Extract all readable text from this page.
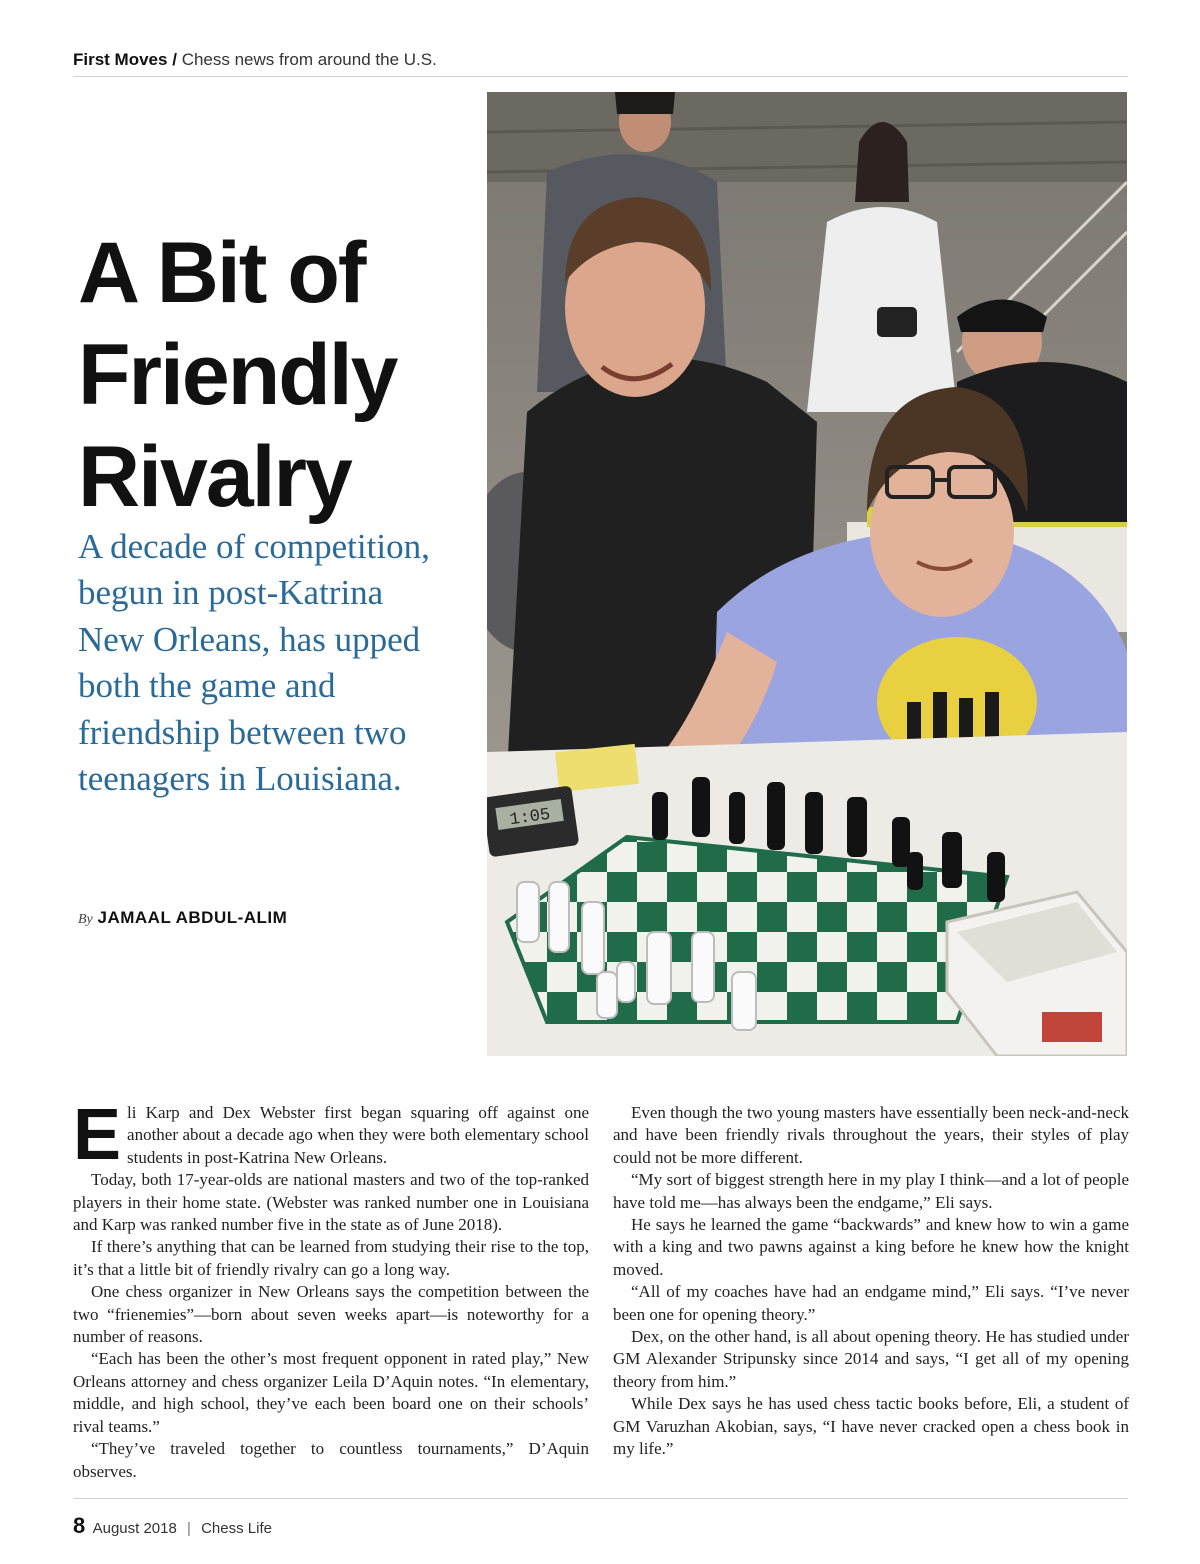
First Moves / Chess news from around the U.S.
A Bit of
Friendly
Rivalry

A decade of competition, begun in post-Katrina New Orleans, has upped both the game and friendship between two teenagers in Louisiana.

By JAMAAL ABDUL-ALIM
1:05

Eli Karp and Dex Webster first began squaring off against one another about a decade ago when they were both elementary school students in post-Katrina New Orleans.

Today, both 17-year-olds are national masters and two of the top-ranked players in their home state. (Webster was ranked number one in Louisiana and Karp was ranked number five in the state as of June 2018).

If there’s anything that can be learned from studying their rise to the top, it’s that a little bit of friendly rivalry can go a long way.

One chess organizer in New Orleans says the competition between the two “frienemies”—born about seven weeks apart—is noteworthy for a number of reasons.

“Each has been the other’s most frequent opponent in rated play,” New Orleans attorney and chess organizer Leila D’Aquin notes. “In elementary, middle, and high school, they’ve each been board one on their schools’ rival teams.”

“They’ve traveled together to countless tournaments,” D’Aquin observes.

Even though the two young masters have essentially been neck-and-neck and have been friendly rivals throughout the years, their styles of play could not be more different.

“My sort of biggest strength here in my play I think—and a lot of people have told me—has always been the endgame,” Eli says.

He says he learned the game “backwards” and knew how to win a game with a king and two pawns against a king before he knew how the knight moved.

“All of my coaches have had an endgame mind,” Eli says. “I’ve never been one for opening theory.”

Dex, on the other hand, is all about opening theory. He has studied under GM Alexander Stripunsky since 2014 and says, “I get all of my opening theory from him.”

While Dex says he has used chess tactic books before, Eli, a student of GM Varuzhan Akobian, says, “I have never cracked open a chess book in my life.”

8 August 2018 | Chess Life
